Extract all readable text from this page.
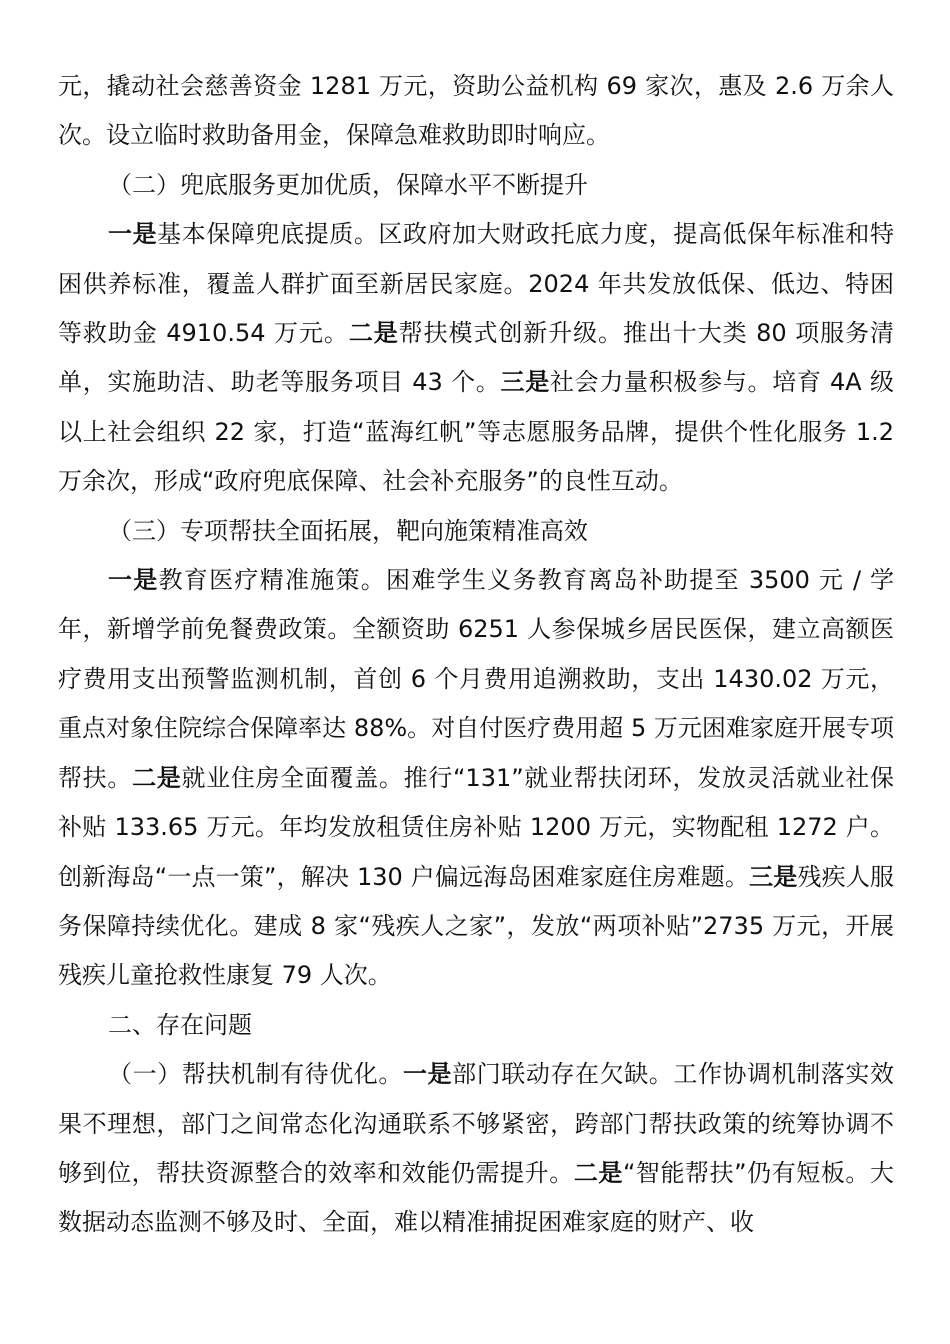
元，撬动社会慈善资金 1281 万元，资助公益机构 69 家次，惠及 2.6 万余人次。设立临时救助备用金，保障急难救助即时响应。

（二）兜底服务更加优质，保障水平不断提升

一是基本保障兜底提质。区政府加大财政托底力度，提高低保年标准和特困供养标准，覆盖人群扩面至新居民家庭。2024 年共发放低保、低边、特困等救助金 4910.54 万元。二是帮扶模式创新升级。推出十大类 80 项服务清单，实施助洁、助老等服务项目 43 个。三是社会力量积极参与。培育 4A 级以上社会组织 22 家，打造“蓝海红帆”等志愿服务品牌，提供个性化服务 1.2 万余次，形成“政府兜底保障、社会补充服务”的良性互动。

（三）专项帮扶全面拓展，靶向施策精准高效

一是教育医疗精准施策。困难学生义务教育离岛补助提至 3500 元 / 学年，新增学前免餐费政策。全额资助 6251 人参保城乡居民医保，建立高额医疗费用支出预警监测机制，首创 6 个月费用追溯救助，支出 1430.02 万元，重点对象住院综合保障率达 88%。对自付医疗费用超 5 万元困难家庭开展专项帮扶。二是就业住房全面覆盖。推行“131”就业帮扶闭环，发放灵活就业社保补贴 133.65 万元。年均发放租赁住房补贴 1200 万元，实物配租 1272 户。创新海岛“一点一策”，解决 130 户偏远海岛困难家庭住房难题。三是残疾人服务保障持续优化。建成 8 家“残疾人之家”，发放“两项补贴”2735 万元，开展残疾儿童抢救性康复 79 人次。

二、存在问题

（一）帮扶机制有待优化。一是部门联动存在欠缺。工作协调机制落实效果不理想，部门之间常态化沟通联系不够紧密，跨部门帮扶政策的统筹协调不够到位，帮扶资源整合的效率和效能仍需提升。二是“智能帮扶”仍有短板。大数据动态监测不够及时、全面，难以精准捕捉困难家庭的财产、收
